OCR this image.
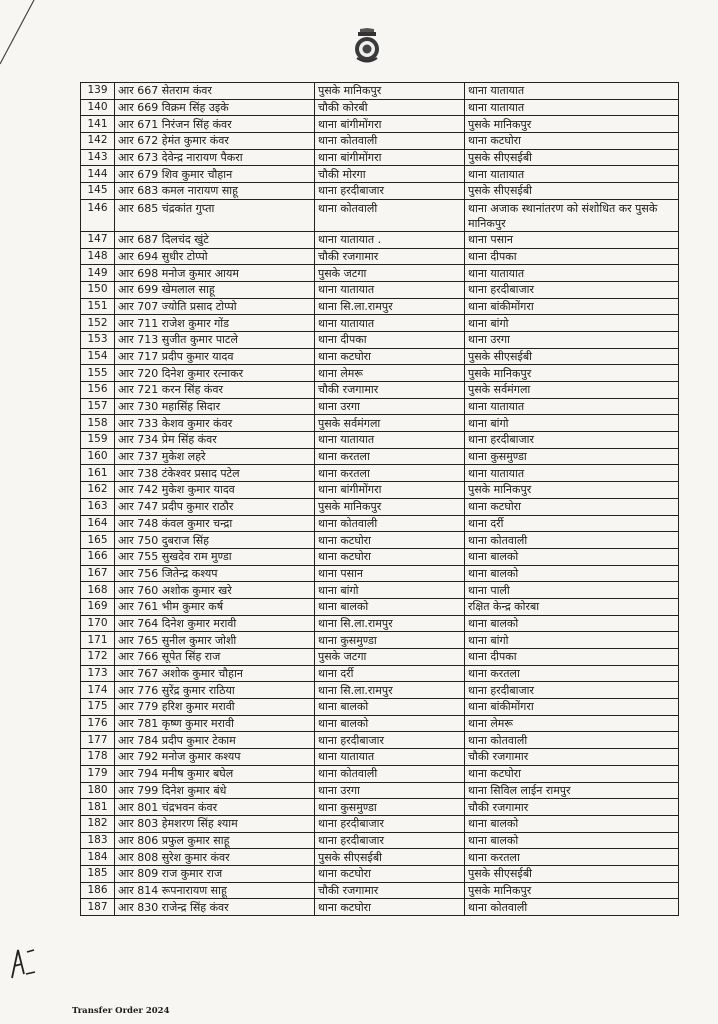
139	आर 667 सेतराम कंवर	पुसके मानिकपुर	थाना यातायात
140	आर 669 विक्रम सिंह उइके	चौकी कोरबी	थाना यातायात
141	आर 671 निरंजन सिंह कंवर	थाना बांगीमोंगरा	पुसके मानिकपुर
142	आर 672 हेमंत कुमार कंवर	थाना कोतवाली	थाना कटघोरा
143	आर 673 देवेन्द्र नारायण पैकरा	थाना बांगीमोंगरा	पुसके सीएसईबी
144	आर 679 शिव कुमार चौहान	चौकी मोरगा	थाना यातायात
145	आर 683 कमल नारायण साहू	थाना हरदीबाजार	पुसके सीएसईबी
146	आर 685 चंद्रकांत गुप्ता	थाना कोतवाली	थाना अजाक स्थानांतरण को संशोधित कर पुसके मानिकपुर
147	आर 687 दिलचंद खुंटे	थाना यातायात .	थाना पसान
148	आर 694 सुधीर टोप्पो	चौकी रजगामार	थाना दीपका
149	आर 698 मनोज कुमार आयम	पुसके जटगा	थाना यातायात
150	आर 699 खेमलाल साहू	थाना यातायात	थाना हरदीबाजार
151	आर 707 ज्योति प्रसाद टोप्पो	थाना सि.ला.रामपुर	थाना बांकीमोंगरा
152	आर 711 राजेश कुमार गोंड	थाना यातायात	थाना बांगो
153	आर 713 सुजीत कुमार पाटले	थाना दीपका	थाना उरगा
154	आर 717 प्रदीप कुमार यादव	थाना कटघोरा	पुसके सीएसईबी
155	आर 720 दिनेश कुमार रत्नाकर	थाना लेमरू	पुसके मानिकपुर
156	आर 721 करन सिंह कंवर	चौकी रजगामार	पुसके सर्वमंगला
157	आर 730 महासिंह सिदार	थाना उरगा	थाना यातायात
158	आर 733 केशव कुमार कंवर	पुसके सर्वमंगला	थाना बांगो
159	आर 734 प्रेम सिंह कंवर	थाना यातायात	थाना हरदीबाजार
160	आर 737 मुकेश लहरे	थाना करतला	थाना कुसमुण्डा
161	आर 738 टंकेश्वर प्रसाद पटेल	थाना करतला	थाना यातायात
162	आर 742 मुकेश कुमार यादव	थाना बांगीमोंगरा	पुसके मानिकपुर
163	आर 747 प्रदीप कुमार राठौर	पुसके मानिकपुर	थाना कटघोरा
164	आर 748 कंवल कुमार चन्द्रा	थाना कोतवाली	थाना दर्री
165	आर 750 दुबराज सिंह	थाना कटघोरा	थाना कोतवाली
166	आर 755 सुखदेव राम मुण्डा	थाना कटघोरा	थाना बालको
167	आर 756 जितेन्द्र कश्यप	थाना पसान	थाना बालको
168	आर 760 अशोक कुमार खरे	थाना बांगो	थाना पाली
169	आर 761 भीम कुमार कर्ष	थाना बालको	रक्षित केन्द्र कोरबा
170	आर 764 दिनेश कुमार मरावी	थाना सि.ला.रामपुर	थाना बालको
171	आर 765 सुनील कुमार जोशी	थाना कुसमुण्डा	थाना बांगो
172	आर 766 सूपेत सिंह राज	पुसके जटगा	थाना दीपका
173	आर 767 अशोक कुमार चौहान	थाना दर्री	थाना करतला
174	आर 776 सुरेंद्र कुमार राठिया	थाना सि.ला.रामपुर	थाना हरदीबाजार
175	आर 779 हरिश कुमार मरावी	थाना बालको	थाना बांकीमोंगरा
176	आर 781 कृष्ण कुमार मरावी	थाना बालको	थाना लेमरू
177	आर 784 प्रदीप कुमार टेकाम	थाना हरदीबाजार	थाना कोतवाली
178	आर 792 मनोज कुमार कश्यप	थाना यातायात	चौकी रजगामार
179	आर 794 मनीष कुमार बघेल	थाना कोतवाली	थाना कटघोरा
180	आर 799 दिनेश कुमार बंधे	थाना उरगा	थाना सिविल लाईन रामपुर
181	आर 801 चंद्रभवन कंवर	थाना कुसमुण्डा	चौकी रजगामार
182	आर 803 हेमशरण सिंह श्याम	थाना हरदीबाजार	थाना बालको
183	आर 806 प्रफुल कुमार साहू	थाना हरदीबाजार	थाना बालको
184	आर 808 सुरेश कुमार कंवर	पुसके सीएसईबी	थाना करतला
185	आर 809 राज कुमार राज	थाना कटघोरा	पुसके सीएसईबी
186	आर 814 रूपनारायण साहू	चौकी रजगामार	पुसके मानिकपुर
187	आर 830 राजेन्द्र सिंह कंवर	थाना कटघोरा	थाना कोतवाली
Transfer Order 2024
